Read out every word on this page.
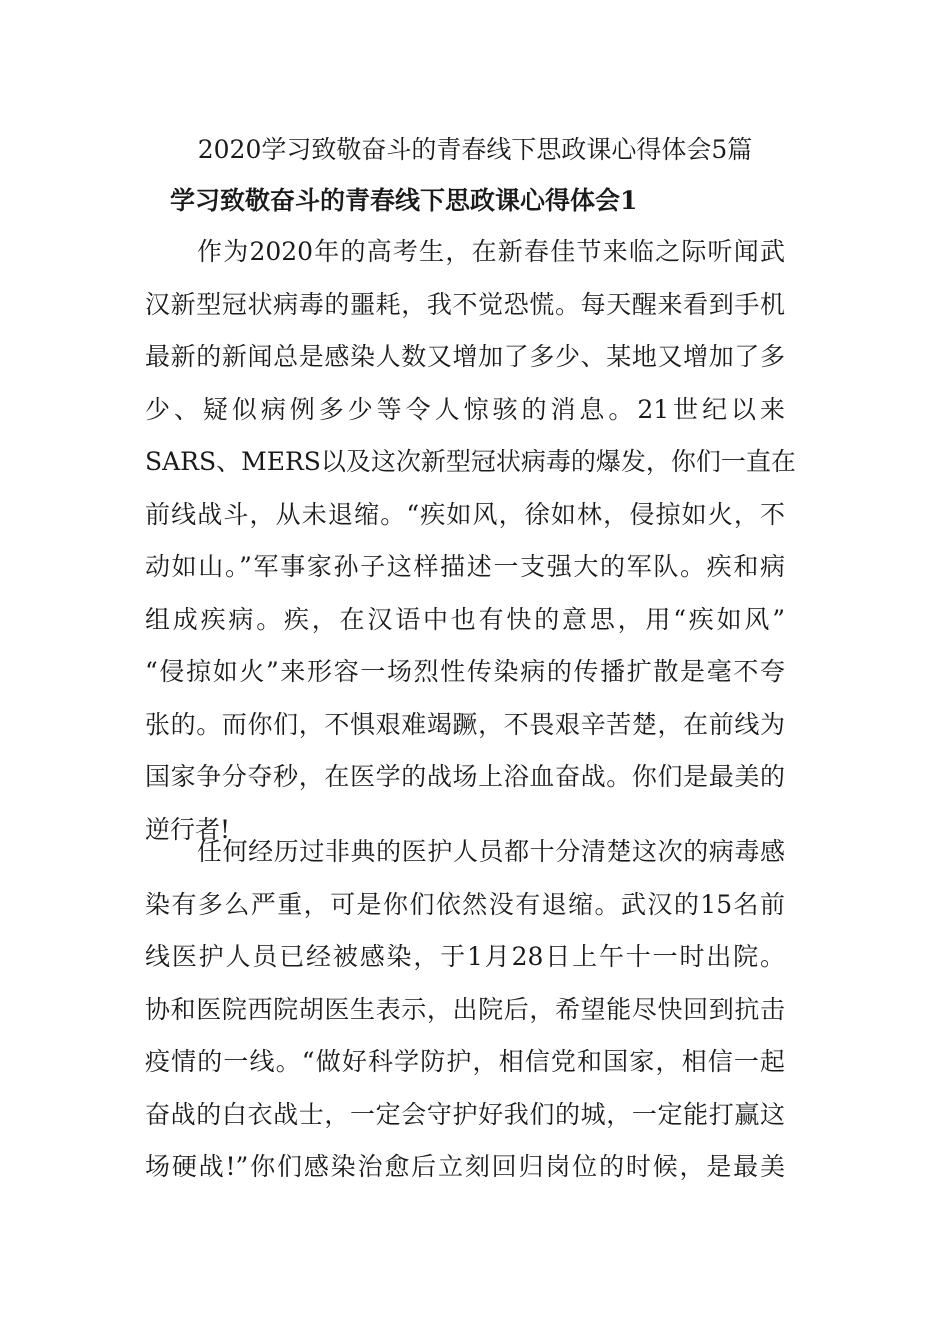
2020学习致敬奋斗的青春线下思政课心得体会5篇
学习致敬奋斗的青春线下思政课心得体会1
作为2020年的高考生，在新春佳节来临之际听闻武
汉新型冠状病毒的噩耗，我不觉恐慌。每天醒来看到手机
最新的新闻总是感染人数又增加了多少、某地又增加了多
少、疑似病例多少等令人惊骇的消息。21世纪以来
SARS、MERS以及这次新型冠状病毒的爆发，你们一直在
前线战斗，从未退缩。“疾如风，徐如林，侵掠如火，不
动如山。”军事家孙子这样描述一支强大的军队。疾和病
组成疾病。疾，在汉语中也有快的意思，用“疾如风”
“侵掠如火”来形容一场烈性传染病的传播扩散是毫不夸
张的。而你们，不惧艰难竭蹶，不畏艰辛苦楚，在前线为
国家争分夺秒，在医学的战场上浴血奋战。你们是最美的
逆行者!
任何经历过非典的医护人员都十分清楚这次的病毒感
染有多么严重，可是你们依然没有退缩。武汉的15名前
线医护人员已经被感染，于1月28日上午十一时出院。
协和医院西院胡医生表示，出院后，希望能尽快回到抗击
疫情的一线。“做好科学防护，相信党和国家，相信一起
奋战的白衣战士，一定会守护好我们的城，一定能打赢这
场硬战!”你们感染治愈后立刻回归岗位的时候，是最美
